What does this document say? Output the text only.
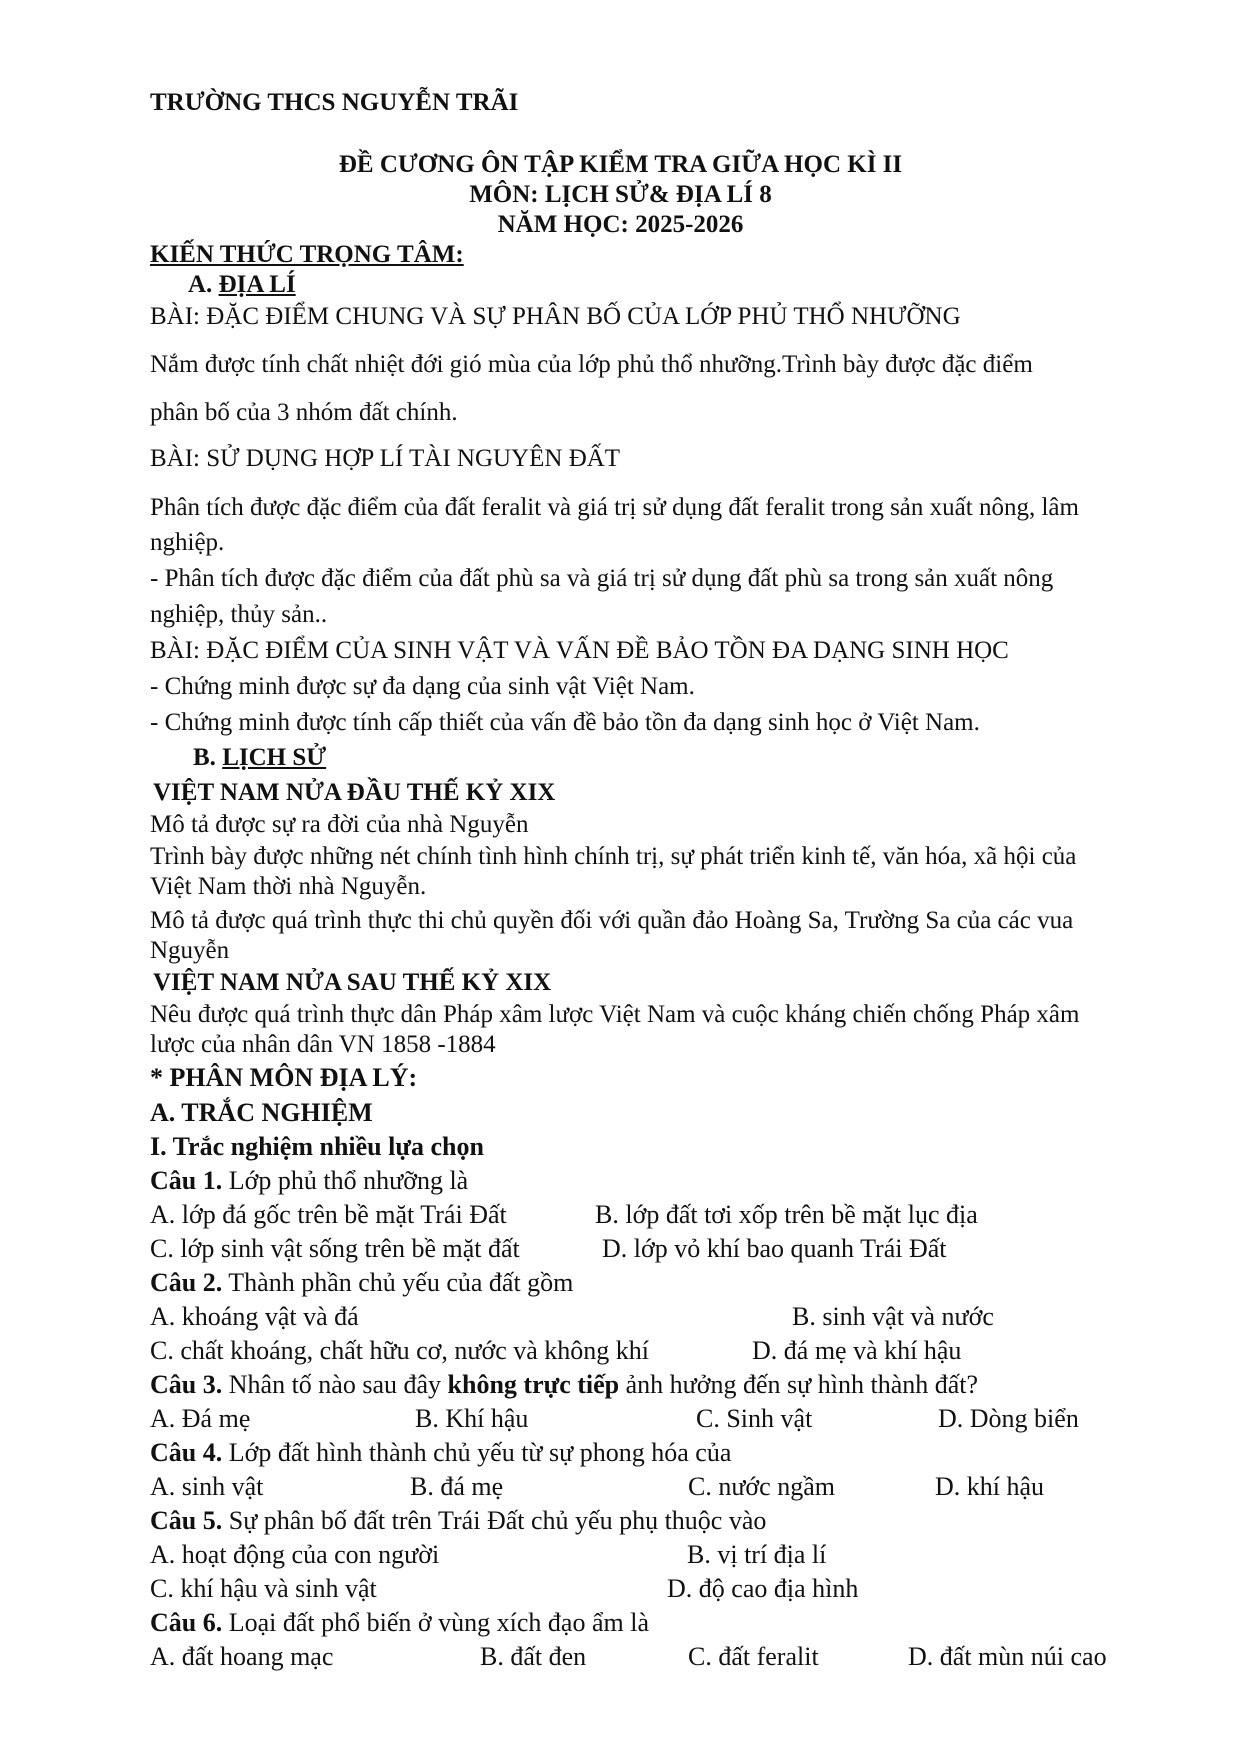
TRƯỜNG THCS NGUYỄN TRÃI
ĐỀ CƯƠNG ÔN TẬP KIỂM TRA GIỮA HỌC KÌ II
MÔN: LỊCH SỬ& ĐỊA LÍ 8
NĂM HỌC: 2025-2026
KIẾN THỨC TRỌNG TÂM:
A. ĐỊA LÍ
BÀI: ĐẶC ĐIỂM CHUNG VÀ SỰ PHÂN BỐ CỦA LỚP PHỦ THỔ NHƯỠNG
Nắm được tính chất nhiệt đới gió mùa của lớp phủ thổ nhưỡng.Trình bày được đặc điểm
phân bố của 3 nhóm đất chính.
BÀI: SỬ DỤNG HỢP LÍ TÀI NGUYÊN ĐẤT
Phân tích được đặc điểm của đất feralit và giá trị sử dụng đất feralit trong sản xuất nông, lâm
nghiệp.
- Phân tích được đặc điểm của đất phù sa và giá trị sử dụng đất phù sa trong sản xuất nông
nghiệp, thủy sản..
BÀI: ĐẶC ĐIỂM CỦA SINH VẬT VÀ VẤN ĐỀ BẢO TỒN ĐA DẠNG SINH HỌC
- Chứng minh được sự đa dạng của sinh vật Việt Nam.
- Chứng minh được tính cấp thiết của vấn đề bảo tồn đa dạng sinh học ở Việt Nam.
B. LỊCH SỬ
VIỆT NAM NỬA ĐẦU THẾ KỶ XIX
Mô tả được sự ra đời của nhà Nguyễn
Trình bày được những nét chính tình hình chính trị, sự phát triển kinh tế, văn hóa, xã hội của
Việt Nam thời nhà Nguyễn.
Mô tả được quá trình thực thi chủ quyền đối với quần đảo Hoàng Sa, Trường Sa của các vua
Nguyễn
VIỆT NAM NỬA SAU THẾ KỶ XIX
Nêu được quá trình thực dân Pháp xâm lược Việt Nam và cuộc kháng chiến chống Pháp xâm
lược của nhân dân VN 1858 -1884
* PHÂN MÔN ĐỊA LÝ:
A. TRẮC NGHIỆM
I. Trắc nghiệm nhiều lựa chọn
Câu 1. Lớp phủ thổ nhưỡng là
A. lớp đá gốc trên bề mặt Trái Đất	B. lớp đất tơi xốp trên bề mặt lục địa
C. lớp sinh vật sống trên bề mặt đất	D. lớp vỏ khí bao quanh Trái Đất
Câu 2. Thành phần chủ yếu của đất gồm
A. khoáng vật và đá	B. sinh vật và nước
C. chất khoáng, chất hữu cơ, nước và không khí	D. đá mẹ và khí hậu
Câu 3. Nhân tố nào sau đây không trực tiếp ảnh hưởng đến sự hình thành đất?
A. Đá mẹ	B. Khí hậu	C. Sinh vật	D. Dòng biển
Câu 4. Lớp đất hình thành chủ yếu từ sự phong hóa của
A. sinh vật	B. đá mẹ	C. nước ngầm	D. khí hậu
Câu 5. Sự phân bố đất trên Trái Đất chủ yếu phụ thuộc vào
A. hoạt động của con người	B. vị trí địa lí
C. khí hậu và sinh vật	D. độ cao địa hình
Câu 6. Loại đất phổ biến ở vùng xích đạo ẩm là
A. đất hoang mạc	B. đất đen	C. đất feralit	D. đất mùn núi cao
